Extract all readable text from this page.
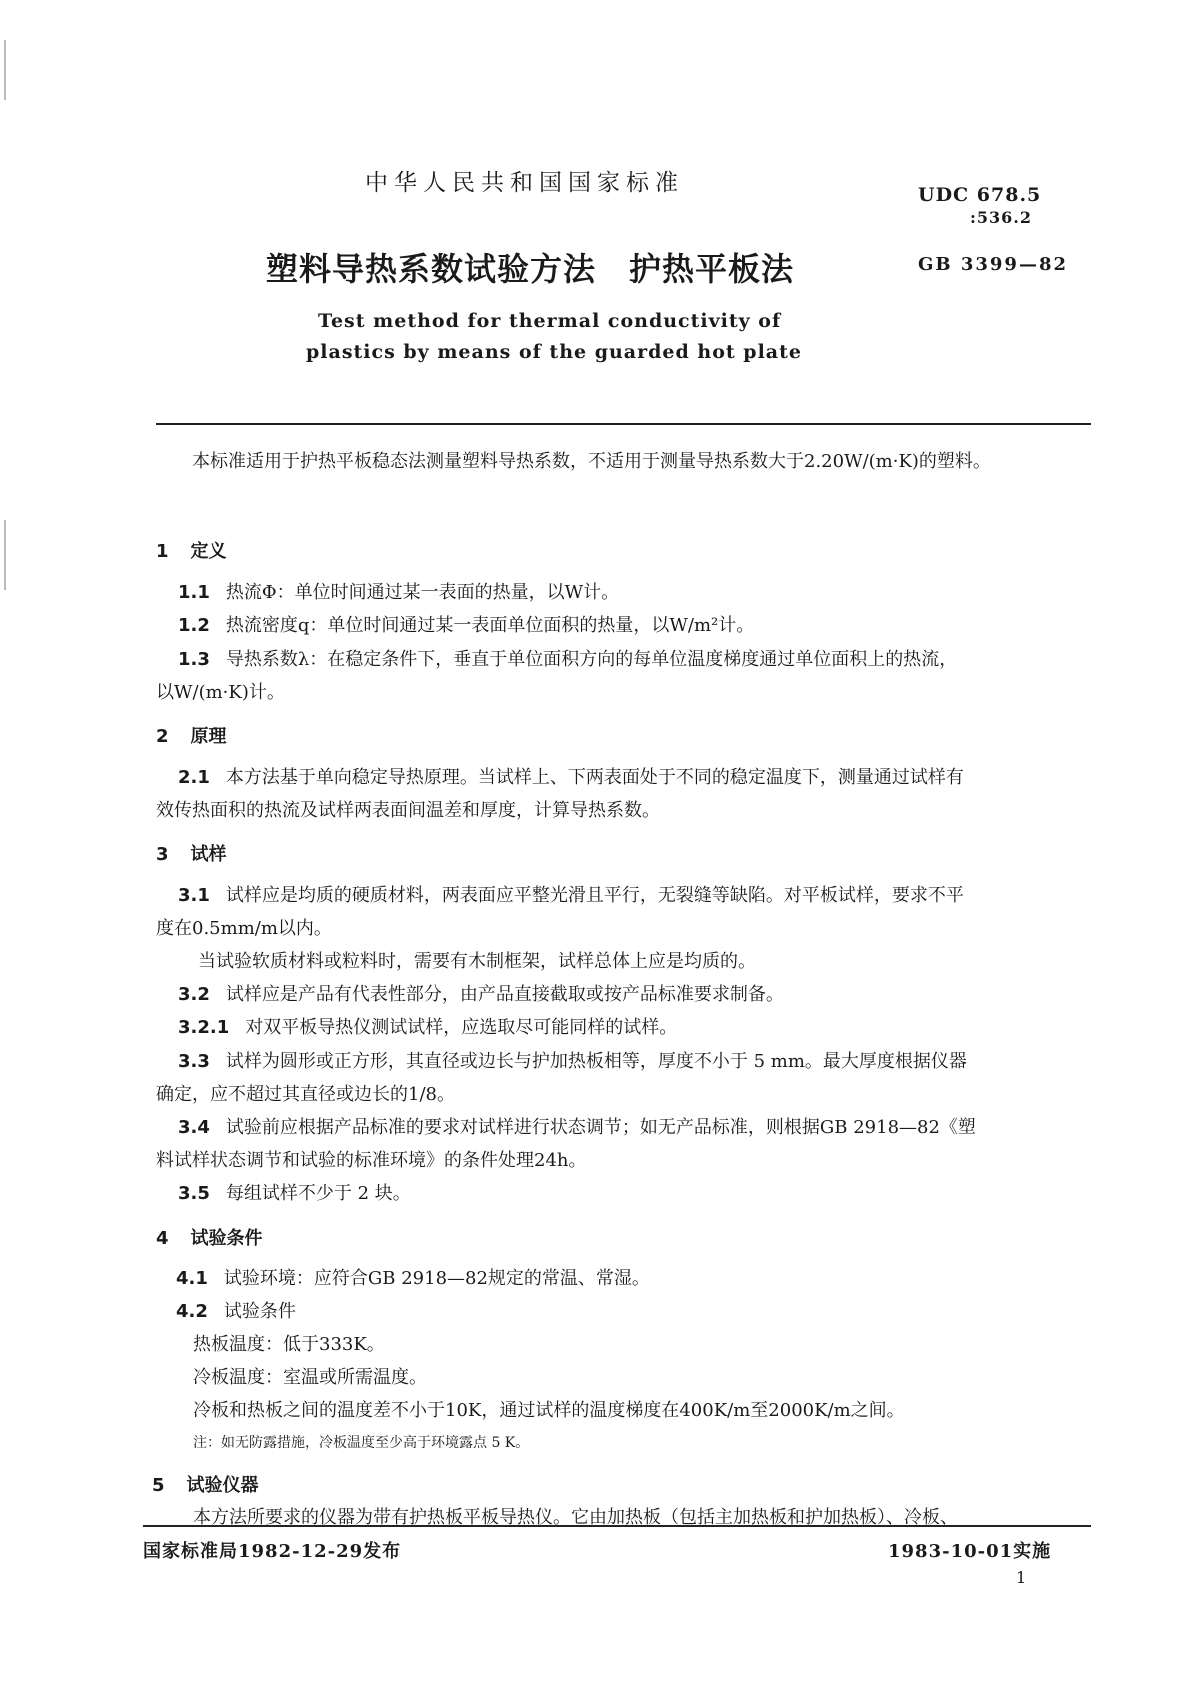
中华人民共和国国家标准	UDC 678.5
:536.2
塑料导热系数试验方法　护热平板法	GB 3399—82
Test method for thermal conductivity of
plastics by means of the guarded hot plate
本标准适用于护热平板稳态法测量塑料导热系数，不适用于测量导热系数大于2.20W/(m·K)的塑料。
1 定义
1.1 热流Φ：单位时间通过某一表面的热量，以W计。
1.2 热流密度q：单位时间通过某一表面单位面积的热量，以W/m²计。
1.3 导热系数λ：在稳定条件下，垂直于单位面积方向的每单位温度梯度通过单位面积上的热流，
以W/(m·K)计。
2 原理
2.1 本方法基于单向稳定导热原理。当试样上、下两表面处于不同的稳定温度下，测量通过试样有
效传热面积的热流及试样两表面间温差和厚度，计算导热系数。
3 试样
3.1 试样应是均质的硬质材料，两表面应平整光滑且平行，无裂缝等缺陷。对平板试样，要求不平
度在0.5mm/m以内。
当试验软质材料或粒料时，需要有木制框架，试样总体上应是均质的。
3.2 试样应是产品有代表性部分，由产品直接截取或按产品标准要求制备。
3.2.1 对双平板导热仪测试试样，应选取尽可能同样的试样。
3.3 试样为圆形或正方形，其直径或边长与护加热板相等，厚度不小于 5 mm。最大厚度根据仪器
确定，应不超过其直径或边长的1/8。
3.4 试验前应根据产品标准的要求对试样进行状态调节；如无产品标准，则根据GB 2918—82《塑
料试样状态调节和试验的标准环境》的条件处理24h。
3.5 每组试样不少于 2 块。
4 试验条件
4.1 试验环境：应符合GB 2918—82规定的常温、常湿。
4.2 试验条件
热板温度：低于333K。
冷板温度：室温或所需温度。
冷板和热板之间的温度差不小于10K，通过试样的温度梯度在400K/m至2000K/m之间。
注：如无防露措施，冷板温度至少高于环境露点 5 K。
5 试验仪器
本方法所要求的仪器为带有护热板平板导热仪。它由加热板（包括主加热板和护加热板）、冷板、
国家标准局1982-12-29发布	1983-10-01实施
1
